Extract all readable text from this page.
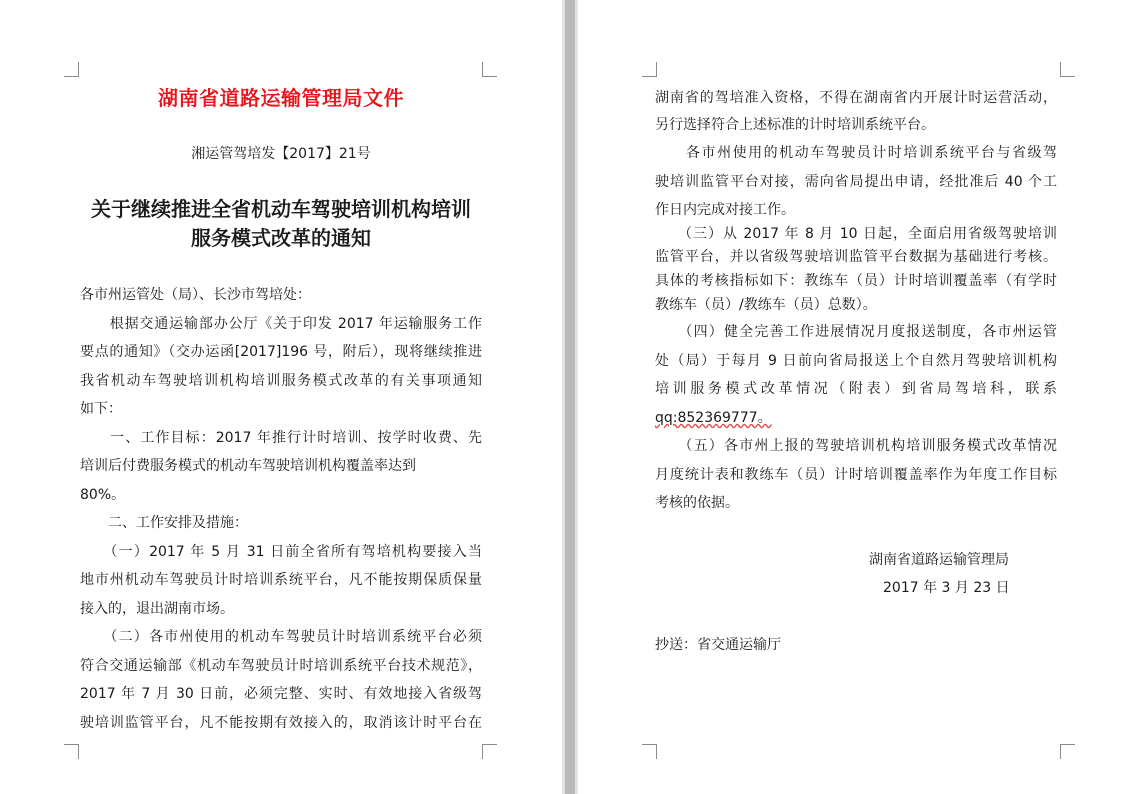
湖南省道路运输管理局文件
湘运管驾培发【2017】21号
关于继续推进全省机动车驾驶培训机构培训
服务模式改革的通知
各市州运管处（局）、长沙市驾培处：
　　根据交通运输部办公厅《关于印发 2017 年运输服务工作
要点的通知》（交办运函[2017]196 号，附后），现将继续推进
我省机动车驾驶培训机构培训服务模式改革的有关事项通知
如下：
　　一、工作目标：2017 年推行计时培训、按学时收费、先
培训后付费服务模式的机动车驾驶培训机构覆盖率达到
80%。
　　二、工作安排及措施：
　　（一）2017 年 5 月 31 日前全省所有驾培机构要接入当
地市州机动车驾驶员计时培训系统平台，凡不能按期保质保量
接入的，退出湖南市场。
　　（二）各市州使用的机动车驾驶员计时培训系统平台必须
符合交通运输部《机动车驾驶员计时培训系统平台技术规范》，
2017 年 7 月 30 日前，必须完整、实时、有效地接入省级驾
驶培训监管平台，凡不能按期有效接入的，取消该计时平台在
湖南省的驾培准入资格，不得在湖南省内开展计时运营活动，
另行选择符合上述标准的计时培训系统平台。
　　各市州使用的机动车驾驶员计时培训系统平台与省级驾
驶培训监管平台对接，需向省局提出申请，经批准后 40 个工
作日内完成对接工作。
　　（三）从 2017 年 8 月 10 日起，全面启用省级驾驶培训
监管平台，并以省级驾驶培训监管平台数据为基础进行考核。
具体的考核指标如下：教练车（员）计时培训覆盖率（有学时
教练车（员）/教练车（员）总数）。
　　（四）健全完善工作进展情况月度报送制度，各市州运管
处（局）于每月 9 日前向省局报送上个自然月驾驶培训机构
培训服务模式改革情况（附表）到省局驾培科，联系
qq:852369777。
　　（五）各市州上报的驾驶培训机构培训服务模式改革情况
月度统计表和教练车（员）计时培训覆盖率作为年度工作目标
考核的依据。
湖南省道路运输管理局
2017 年 3 月 23 日
抄送：省交通运输厅
